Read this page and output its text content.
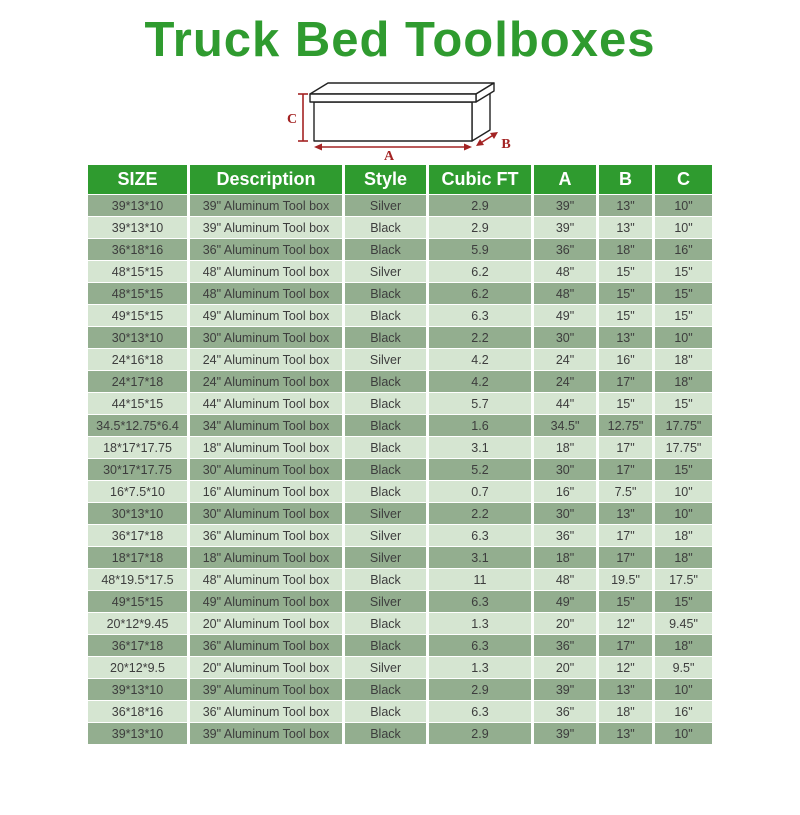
Truck Bed Toolboxes
C
A
B
SIZE	Description	Style	Cubic FT	A	B	C
39*13*10	39" Aluminum Tool box	Silver	2.9	39"	13"	10"
39*13*10	39" Aluminum Tool box	Black	2.9	39"	13"	10"
36*18*16	36" Aluminum Tool box	Black	5.9	36"	18"	16"
48*15*15	48" Aluminum Tool box	Silver	6.2	48"	15"	15"
48*15*15	48" Aluminum Tool box	Black	6.2	48"	15"	15"
49*15*15	49" Aluminum Tool box	Black	6.3	49"	15"	15"
30*13*10	30" Aluminum Tool box	Black	2.2	30"	13"	10"
24*16*18	24" Aluminum Tool box	Silver	4.2	24"	16"	18"
24*17*18	24" Aluminum Tool box	Black	4.2	24"	17"	18"
44*15*15	44" Aluminum Tool box	Black	5.7	44"	15"	15"
34.5*12.75*6.4	34" Aluminum Tool box	Black	1.6	34.5"	12.75"	17.75"
18*17*17.75	18" Aluminum Tool box	Black	3.1	18"	17"	17.75"
30*17*17.75	30" Aluminum Tool box	Black	5.2	30"	17"	15"
16*7.5*10	16" Aluminum Tool box	Black	0.7	16"	7.5"	10"
30*13*10	30" Aluminum Tool box	Silver	2.2	30"	13"	10"
36*17*18	36" Aluminum Tool box	Silver	6.3	36"	17"	18"
18*17*18	18" Aluminum Tool box	Silver	3.1	18"	17"	18"
48*19.5*17.5	48" Aluminum Tool box	Black	11	48"	19.5"	17.5"
49*15*15	49" Aluminum Tool box	Silver	6.3	49"	15"	15"
20*12*9.45	20" Aluminum Tool box	Black	1.3	20"	12"	9.45"
36*17*18	36" Aluminum Tool box	Black	6.3	36"	17"	18"
20*12*9.5	20" Aluminum Tool box	Silver	1.3	20"	12"	9.5"
39*13*10	39" Aluminum Tool box	Black	2.9	39"	13"	10"
36*18*16	36" Aluminum Tool box	Black	6.3	36"	18"	16"
39*13*10	39" Aluminum Tool box	Black	2.9	39"	13"	10"
